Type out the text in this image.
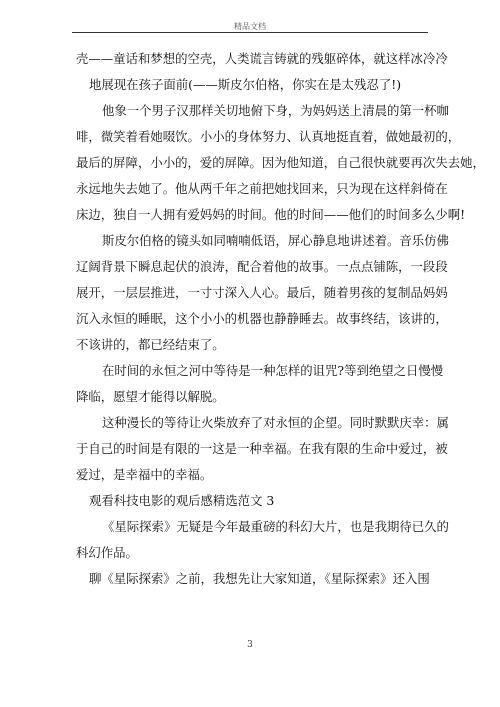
精品文档
壳——童话和梦想的空壳，人类谎言铸就的残躯碎体，就这样冰冷冷
地展现在孩子面前(——斯皮尔伯格，你实在是太残忍了!)
他象一个男子汉那样关切地俯下身，为妈妈送上清晨的第一杯咖
啡，微笑着看她啜饮。小小的身体努力、认真地挺直着，做她最初的，
最后的屏障，小小的，爱的屏障。因为他知道，自己很快就要再次失去她，
永远地失去她了。他从两千年之前把她找回来，只为现在这样斜倚在
床边，独自一人拥有爱妈妈的时间。他的时间——他们的时间多么少啊!
斯皮尔伯格的镜头如同喃喃低语，屏心静息地讲述着。音乐仿佛
辽阔背景下瞬息起伏的浪涛，配合着他的故事。一点点铺陈，一段段
展开，一层层推进，一寸寸深入人心。最后，随着男孩的复制品妈妈
沉入永恒的睡眠，这个小小的机器也静静睡去。故事终结，该讲的，
不该讲的，都已经结束了。
在时间的永恒之河中等待是一种怎样的诅咒?等到绝望之日慢慢
降临，愿望才能得以解脱。
这种漫长的等待让火柴放弃了对永恒的企望。同时默默庆幸：属
于自己的时间是有限的一这是一种幸福。在我有限的生命中爱过，被
爱过，是幸福中的幸福。
观看科技电影的观后感精选范文 3
《星际探索》无疑是今年最重磅的科幻大片，也是我期待已久的
科幻作品。
聊《星际探索》之前，我想先让大家知道，《星际探索》还入围
3
